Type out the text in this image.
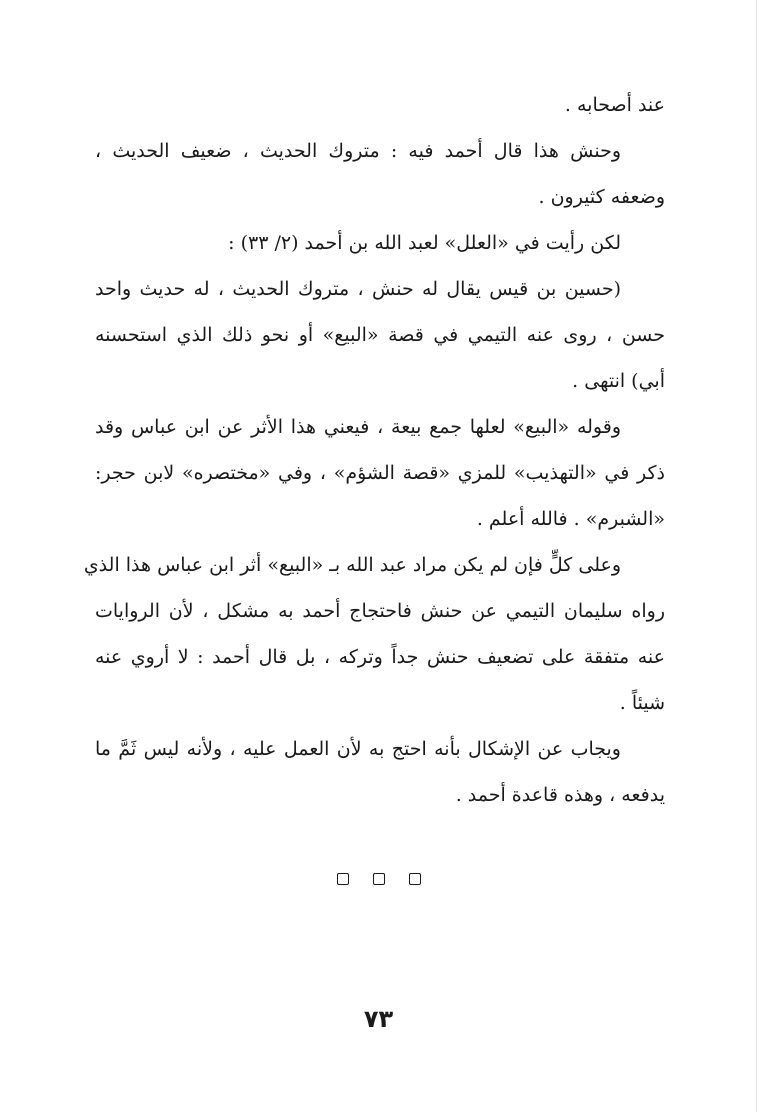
عند أصحابه .
وحنش هذا قال أحمد فيه : متروك الحديث ، ضعيف الحديث ،
وضعفه كثيرون .
لكن رأيت في «العلل» لعبد الله بن أحمد (٢/ ٣٣) :
(حسين بن قيس يقال له حنش ، متروك الحديث ، له حديث واحد
حسن ، روى عنه التيمي في قصة «البيع» أو نحو ذلك الذي استحسنه
أبي) انتهى .
وقوله «البيع» لعلها جمع بيعة ، فيعني هذا الأثر عن ابن عباس وقد
ذكر في «التهذيب» للمزي «قصة الشؤم» ، وفي «مختصره» لابن حجر:
«الشبرم» . فالله أعلم .
وعلى كلٍّ فإن لم يكن مراد عبد الله بـ «البيع» أثر ابن عباس هذا الذي
رواه سليمان التيمي عن حنش فاحتجاج أحمد به مشكل ، لأن الروايات
عنه متفقة على تضعيف حنش جداً وتركه ، بل قال أحمد : لا أروي عنه
شيئاً .
ويجاب عن الإشكال بأنه احتج به لأن العمل عليه ، ولأنه ليس ثَمَّ ما
يدفعه ، وهذه قاعدة أحمد .
٧٣
